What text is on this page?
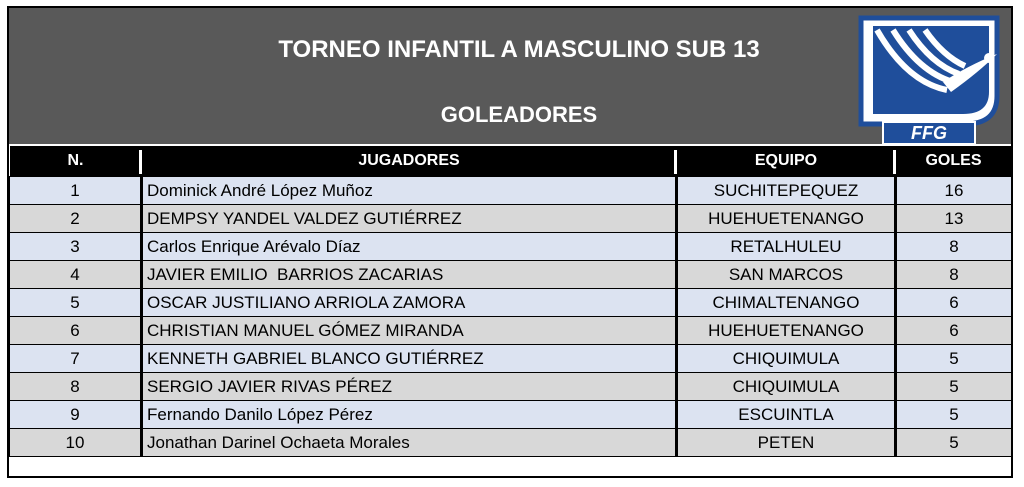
TORNEO INFANTIL A MASCULINO SUB 13
GOLEADORES
FFG
N.	JUGADORES	EQUIPO	GOLES
1	Dominick André López Muñoz	SUCHITEPEQUEZ	16
2	DEMPSY YANDEL VALDEZ GUTIÉRREZ	HUEHUETENANGO	13
3	Carlos Enrique Arévalo Díaz	RETALHULEU	8
4	JAVIER EMILIO  BARRIOS ZACARIAS	SAN MARCOS	8
5	OSCAR JUSTILIANO ARRIOLA ZAMORA	CHIMALTENANGO	6
6	CHRISTIAN MANUEL GÓMEZ MIRANDA	HUEHUETENANGO	6
7	KENNETH GABRIEL BLANCO GUTIÉRREZ	CHIQUIMULA	5
8	SERGIO JAVIER RIVAS PÉREZ	CHIQUIMULA	5
9	Fernando Danilo López Pérez	ESCUINTLA	5
10	Jonathan Darinel Ochaeta Morales	PETEN	5
